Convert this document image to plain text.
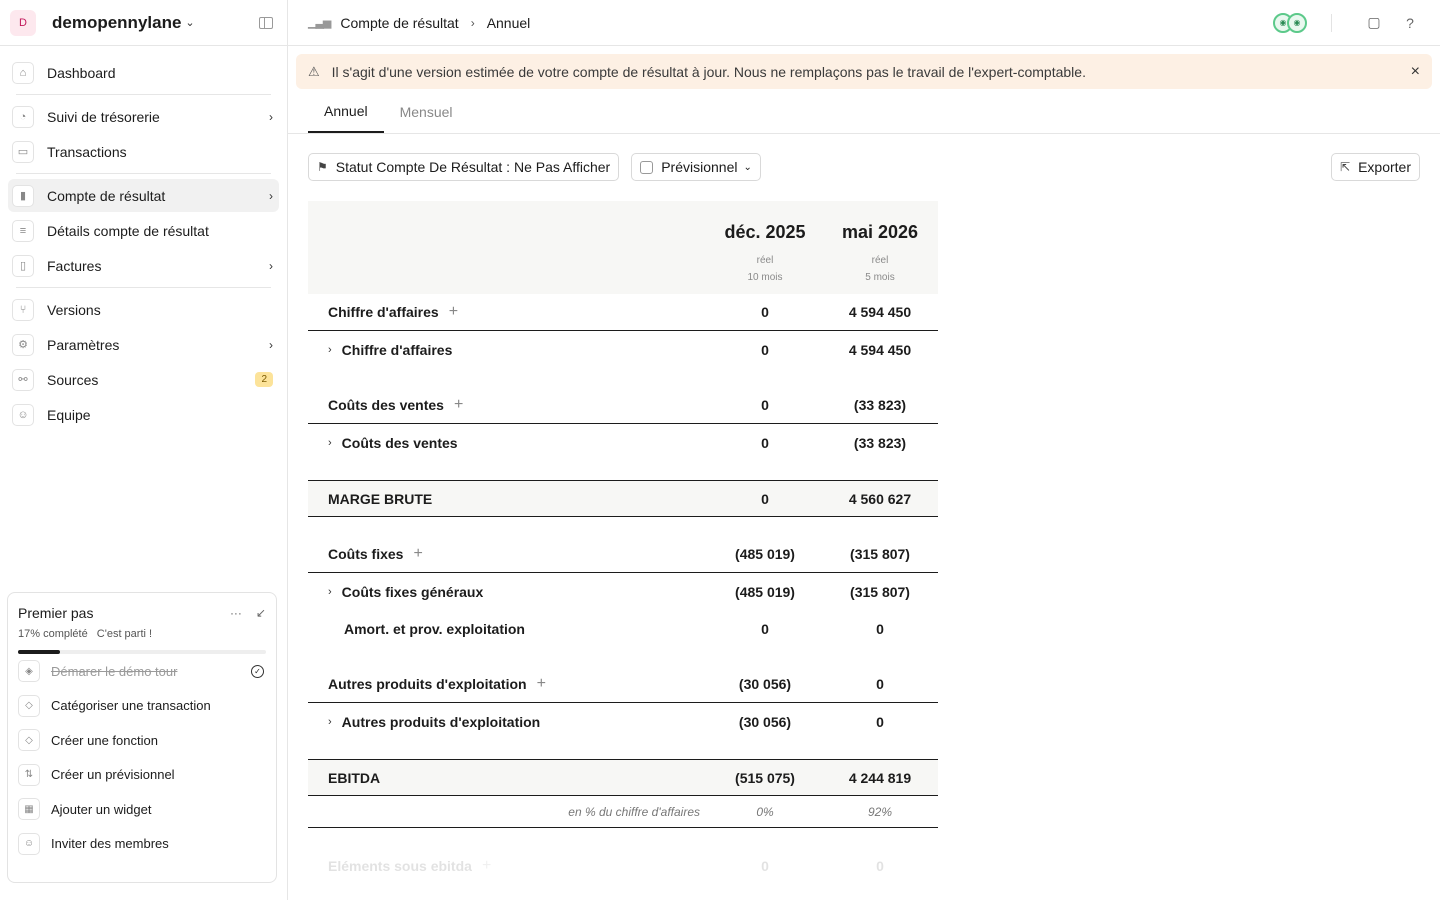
D	demopennylane ⌄
⌂	Dashboard
◔	Suivi de trésorerie	›
▭	Transactions
▮	Compte de résultat	›
≡	Détails compte de résultat
▯	Factures	›
⑂	Versions
⚙	Paramètres	›
⚯	Sources	2
☺	Equipe
Premier pas	··· ↙
17% complété C'est parti !
◈	Démarer le démo tour	✓
◇	Catégoriser une transaction
◇	Créer une fonction
⇅	Créer un prévisionnel
▦	Ajouter un widget
☺	Inviter des membres
▁▃▅ Compte de résultat › Annuel	◉ ◉	▢	?
⚠ Il s'agit d'une version estimée de votre compte de résultat à jour. Nous ne remplaçons pas le travail de l'expert-comptable.	×
Annuel	Mensuel
⚑ Statut Compte De Résultat : Ne Pas Afficher	Prévisionnel ⌄	⇱ Exporter
déc. 2025	mai 2026
réel	réel
10 mois	5 mois
Chiffre d'affaires +	0	4 594 450
› Chiffre d'affaires	0	4 594 450
Coûts des ventes +	0	(33 823)
› Coûts des ventes	0	(33 823)
MARGE BRUTE	0	4 560 627
Coûts fixes +	(485 019)	(315 807)
› Coûts fixes généraux	(485 019)	(315 807)
Amort. et prov. exploitation	0	0
Autres produits d'exploitation +	(30 056)	0
› Autres produits d'exploitation	(30 056)	0
EBITDA	(515 075)	4 244 819
en % du chiffre d'affaires	0%	92%
Eléments sous ebitda +	0	0
